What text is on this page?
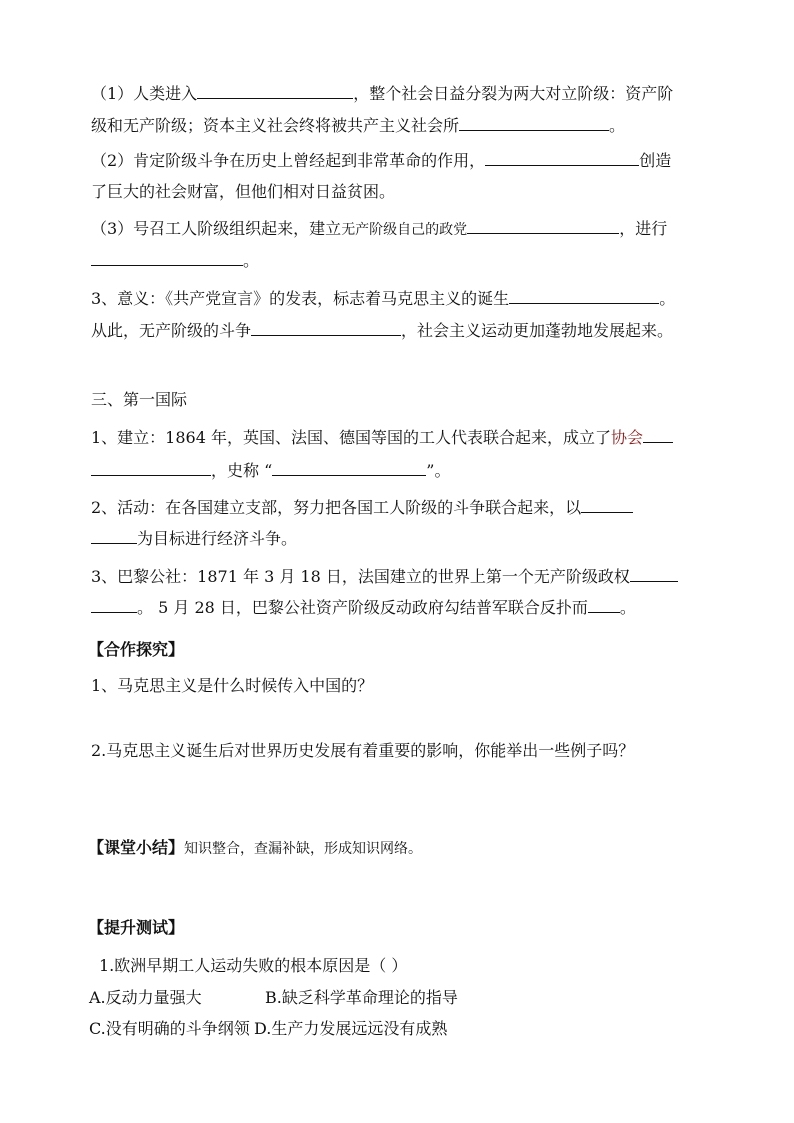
（1）人类进入	，整个社会日益分裂为两大对立阶级：资产阶
级和无产阶级；资本主义社会终将被共产主义社会所	。
（2）肯定阶级斗争在历史上曾经起到非常革命的作用，	创造
了巨大的社会财富，但他们相对日益贫困。
（3）号召工人阶级组织起来，建立无产阶级自己的政党	，进行
。
3、意义：《共产党宣言》的发表，标志着马克思主义的诞生	。
从此，无产阶级的斗争	，社会主义运动更加蓬勃地发展起来。
三、第一国际
1、建立：1864 年，英国、法国、德国等国的工人代表联合起来，成立了协会
，史称 “	”。
2、活动：在各国建立支部，努力把各国工人阶级的斗争联合起来，以
为目标进行经济斗争。
3、巴黎公社：1871 年 3 月 18 日，法国建立的世界上第一个无产阶级政权
。 5 月 28 日，巴黎公社资产阶级反动政府勾结普军联合反扑而 。
【合作探究】
1、马克思主义是什么时候传入中国的？
2.马克思主义诞生后对世界历史发展有着重要的影响，你能举出一些例子吗？
【课堂小结】知识整合，查漏补缺，形成知识网络。
【提升测试】
1.欧洲早期工人运动失败的根本原因是（ ）
A.反动力量强大	B.缺乏科学革命理论的指导
C.没有明确的斗争纲领 D.生产力发展远远没有成熟
